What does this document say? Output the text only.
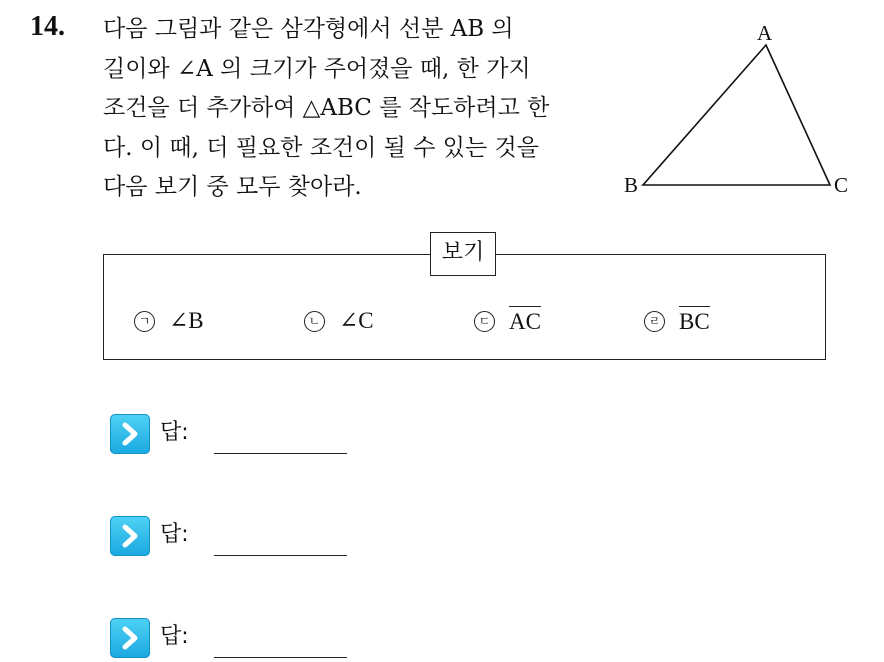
14. 다음 그림과 같은 삼각형에서 선분 AB 의
길이와 ∠A 의 크기가 주어졌을 때, 한 가지
조건을 더 추가하여 △ABC 를 작도하려고 한
다. 이 때, 더 필요한 조건이 될 수 있는 것을
다음 보기 중 모두 찾아라.
A
B	C
보기
ㄱ ∠B	ㄴ ∠C	ㄷ AC	ㄹ BC
답:
답:
답:
